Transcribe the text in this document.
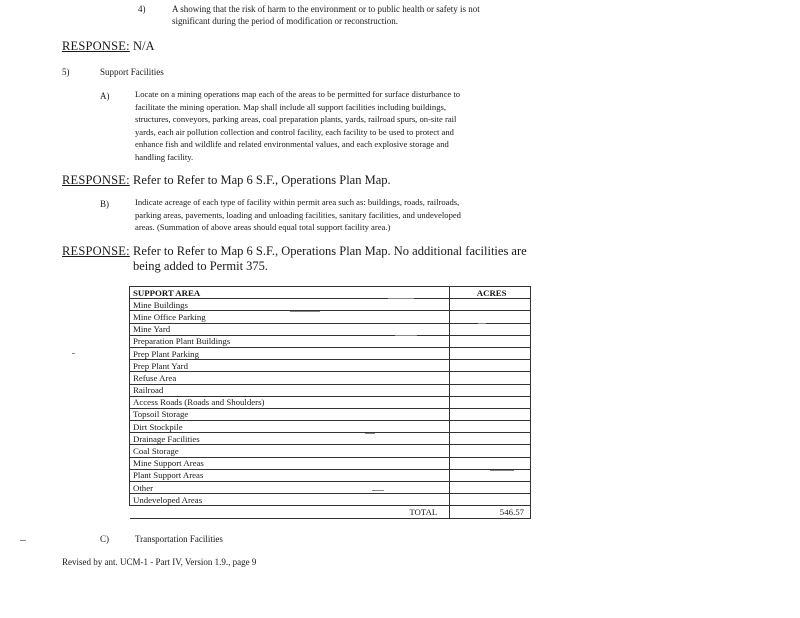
4)	A showing that the risk of harm to the environment or to public health or safety is not
significant during the period of modification or reconstruction.
RESPONSE: N/A
5)	Support Facilities
A)	Locate on a mining operations map each of the areas to be permitted for surface disturbance to
facilitate the mining operation. Map shall include all support facilities including buildings,
structures, conveyors, parking areas, coal preparation plants, yards, railroad spurs, on-site rail
yards, each air pollution collection and control facility, each facility to be used to protect and
enhance fish and wildlife and related environmental values, and each explosive storage and
handling facility.
RESPONSE: Refer to Refer to Map 6 S.F., Operations Plan Map.
B)	Indicate acreage of each type of facility within permit area such as: buildings, roads, railroads,
parking areas, pavements, loading and unloading facilities, sanitary facilities, and undeveloped
areas. (Summation of above areas should equal total support facility area.)
RESPONSE: Refer to Refer to Map 6 S.F., Operations Plan Map. No additional facilities are
being added to Permit 375.
SUPPORT AREA	ACRES
Mine Buildings	
Mine Office Parking	
Mine Yard	
Preparation Plant Buildings	
Prep Plant Parking	
Prep Plant Yard	
Refuse Area	
Railroad	
Access Roads (Roads and Shoulders)	
Topsoil Storage	
Dirt Stockpile	
Drainage Facilities	
Coal Storage	
Mine Support Areas	
Plant Support Areas	
Other	
Undeveloped Areas	
TOTAL	546.57
C)	Transportation Facilities
Revised by ant. UCM-1 - Part IV, Version 1.9., page 9
